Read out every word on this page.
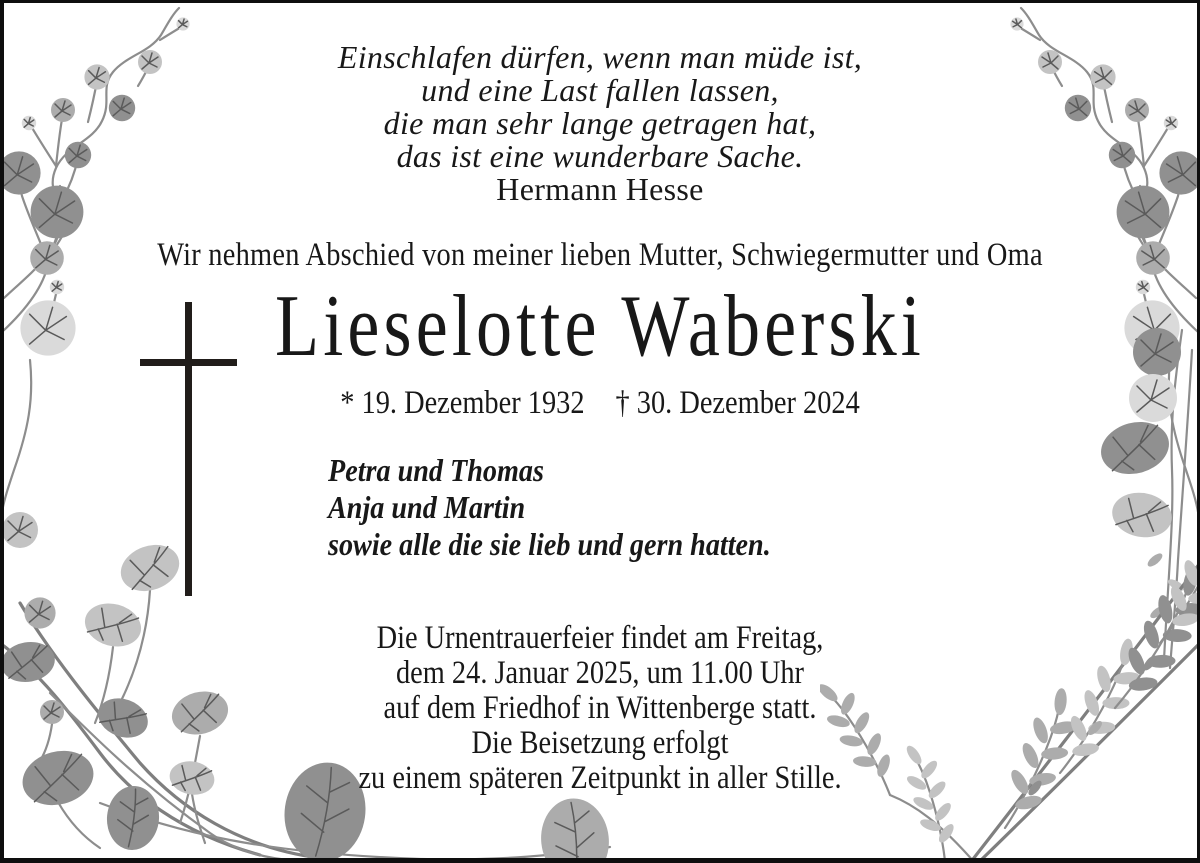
Einschlafen dürfen, wenn man müde ist,
und eine Last fallen lassen,
die man sehr lange getragen hat,
das ist eine wunderbare Sache.
Hermann Hesse
Wir nehmen Abschied von meiner lieben Mutter, Schwiegermutter und Oma
Lieselotte Waberski
* 19. Dezember 1932 † 30. Dezember 2024
Petra und Thomas
Anja und Martin
sowie alle die sie lieb und gern hatten.
Die Urnentrauerfeier findet am Freitag,
dem 24. Januar 2025, um 11.00 Uhr
auf dem Friedhof in Wittenberge statt.
Die Beisetzung erfolgt
zu einem späteren Zeitpunkt in aller Stille.
